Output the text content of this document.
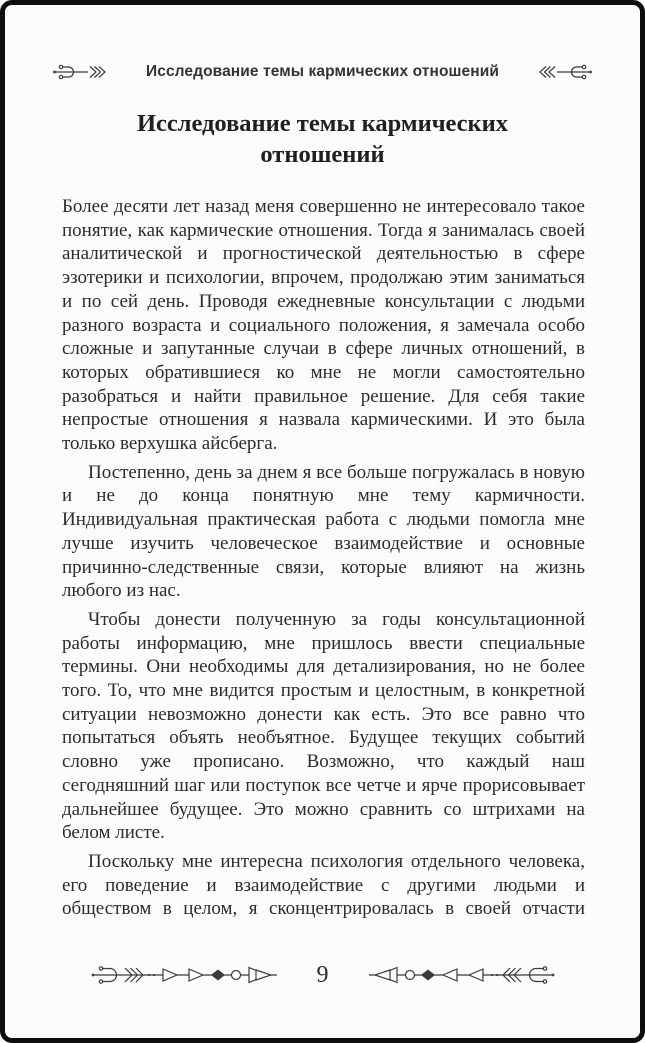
Исследование темы кармических отношений
Исследование темы кармических отношений

Более десяти лет назад меня совершенно не интересовало такое понятие, как кармические отношения. Тогда я занималась своей аналитической и прогностической деятельностью в сфере эзотерики и психологии, впрочем, продолжаю этим заниматься и по сей день. Проводя ежедневные консультации с людьми разного возраста и социального положения, я замечала особо сложные и запутанные случаи в сфере личных отношений, в которых обратившиеся ко мне не могли самостоятельно разобраться и найти правильное решение. Для себя такие непростые отношения я назвала кармическими. И это была только верхушка айсберга.

Постепенно, день за днем я все больше погружалась в новую и не до конца понятную мне тему кармичности. Индивидуальная практическая работа с людьми помогла мне лучше изучить человеческое взаимодействие и основные причинно-следственные связи, которые влияют на жизнь любого из нас.

Чтобы донести полученную за годы консультационной работы информацию, мне пришлось ввести специальные термины. Они необходимы для детализирования, но не более того. То, что мне видится простым и целостным, в конкретной ситуации невозможно донести как есть. Это все равно что попытаться объять необъятное. Будущее текущих событий словно уже прописано. Возможно, что каждый наш сегодняшний шаг или поступок все четче и ярче прорисовывает дальнейшее будущее. Это можно сравнить со штрихами на белом листе.

Поскольку мне интересна психология отдельного человека, его поведение и взаимодействие с другими людьми и обществом в целом, я сконцентрировалась в своей отчасти

9
